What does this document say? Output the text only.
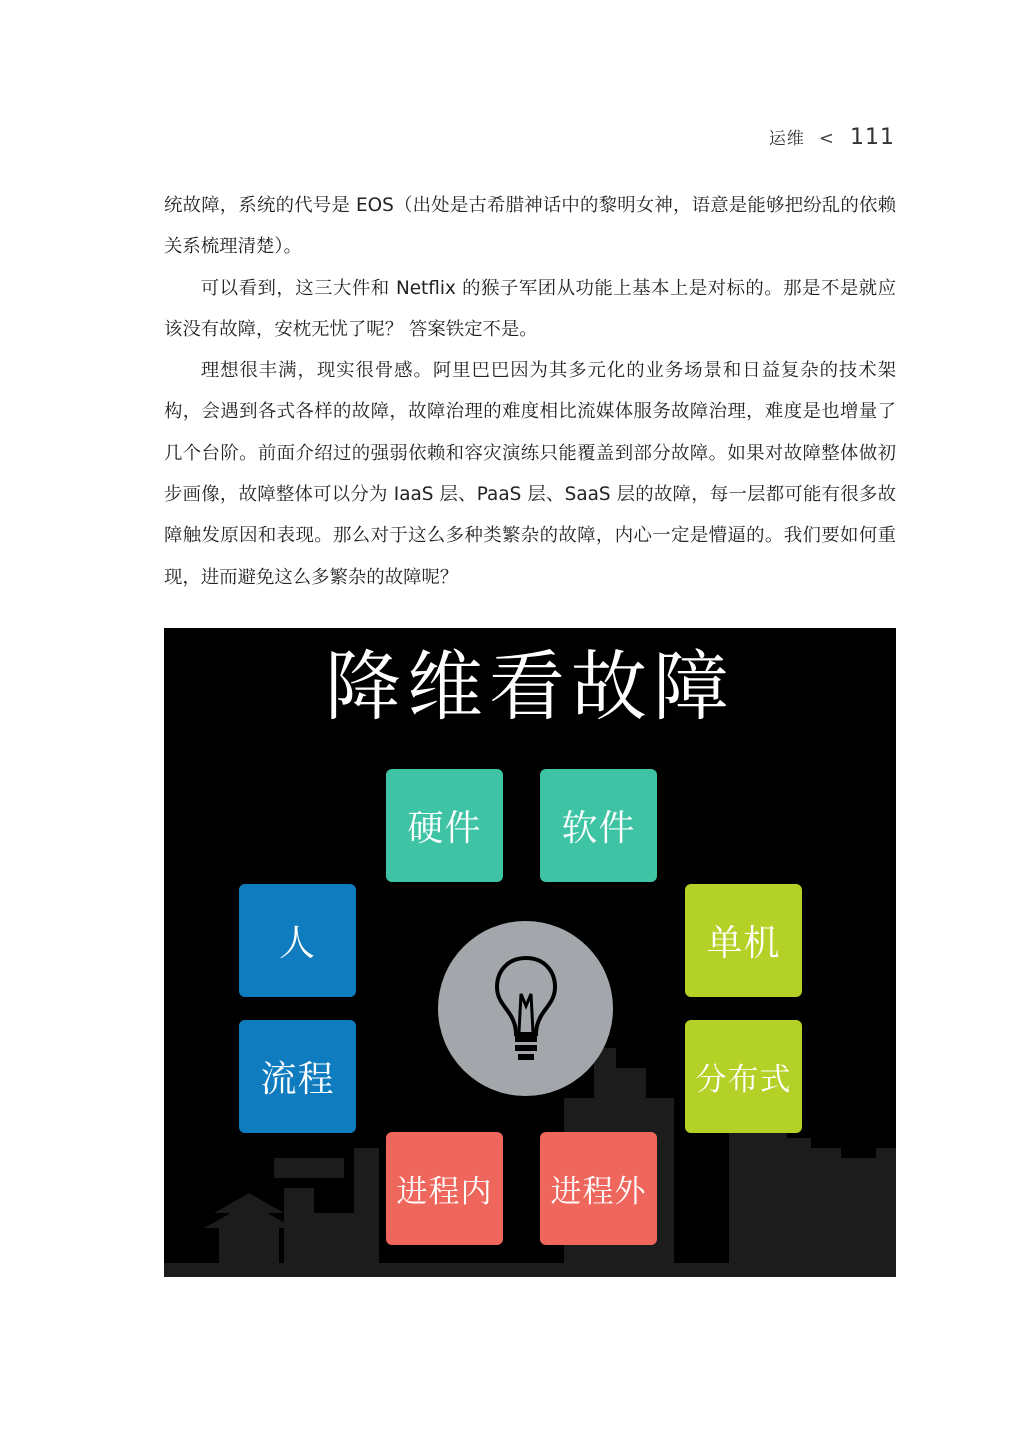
运维 < 111

统故障，系统的代号是 EOS（出处是古希腊神话中的黎明女神，语意是能够把纷乱的依赖关系梳理清楚）。

可以看到，这三大件和 Netflix 的猴子军团从功能上基本上是对标的。那是不是就应该没有故障，安枕无忧了呢？ 答案铁定不是。

理想很丰满，现实很骨感。阿里巴巴因为其多元化的业务场景和日益复杂的技术架构，会遇到各式各样的故障，故障治理的难度相比流媒体服务故障治理，难度是也增量了几个台阶。前面介绍过的强弱依赖和容灾演练只能覆盖到部分故障。如果对故障整体做初步画像，故障整体可以分为 IaaS 层、PaaS 层、SaaS 层的故障，每一层都可能有很多故障触发原因和表现。那么对于这么多种类繁杂的故障，内心一定是懵逼的。我们要如何重现，进而避免这么多繁杂的故障呢？

降维看故障
硬件	软件
人
流程
单机
分布式
进程内	进程外
